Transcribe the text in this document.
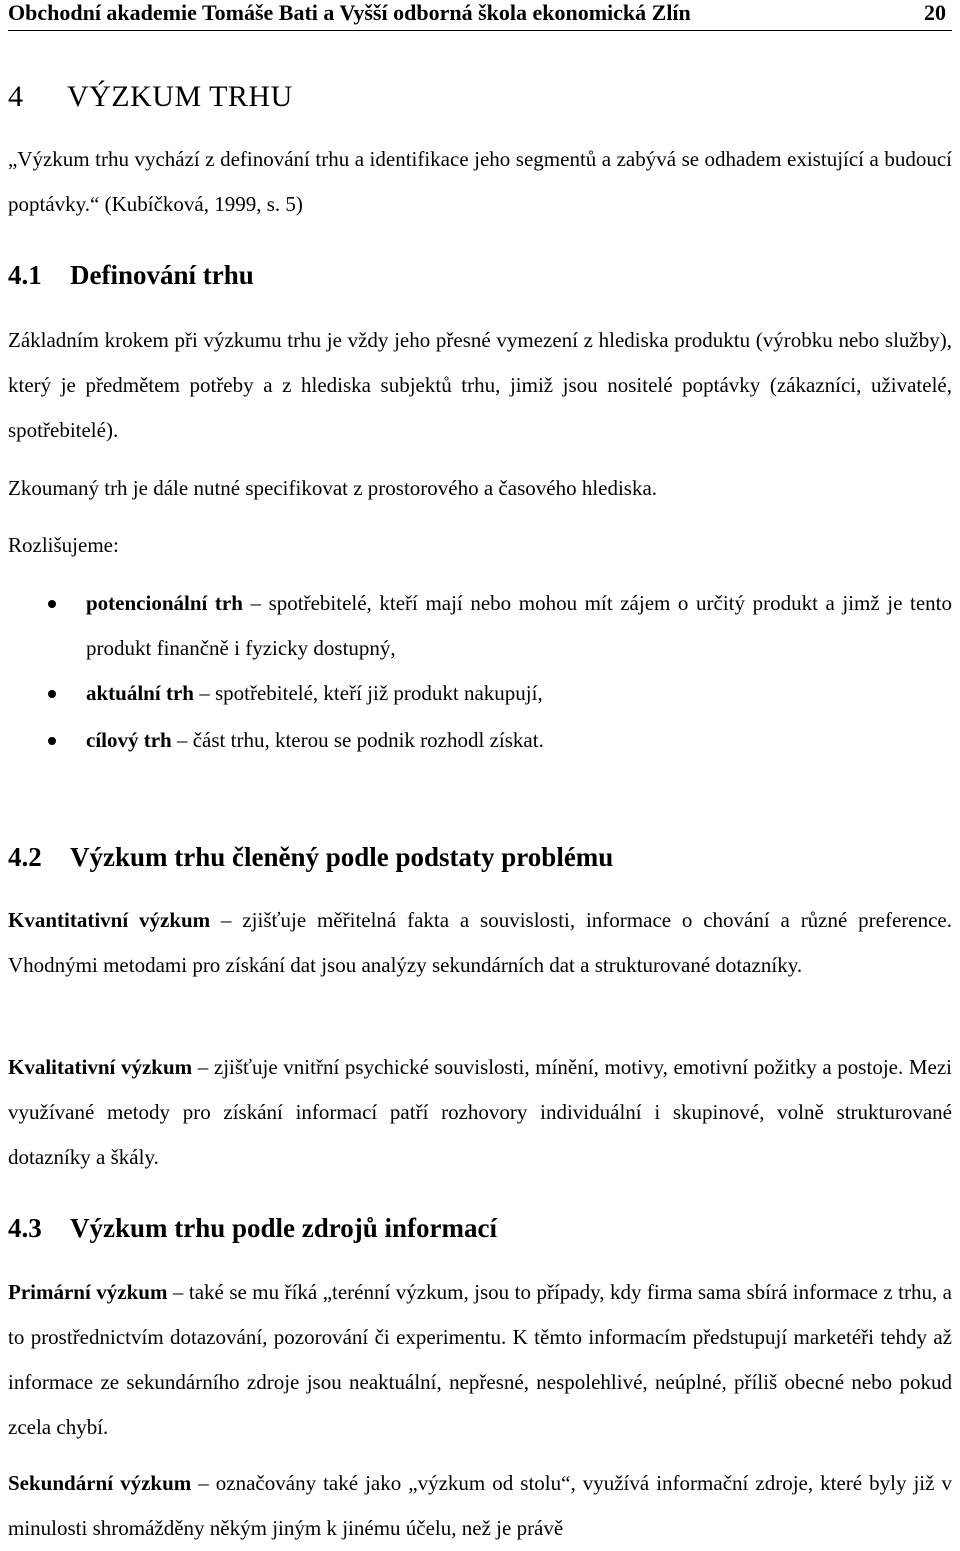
Obchodní akademie Tomáše Bati a Vyšší odborná škola ekonomická Zlín	20
4 VÝZKUM TRHU
„Výzkum trhu vychází z definování trhu a identifikace jeho segmentů a zabývá se odhadem existující a budoucí poptávky.“ (Kubíčková, 1999, s. 5)
4.1 Definování trhu
Základním krokem při výzkumu trhu je vždy jeho přesné vymezení z hlediska produktu (výrobku nebo služby), který je předmětem potřeby a z hlediska subjektů trhu, jimiž jsou nositelé poptávky (zákazníci, uživatelé, spotřebitelé).
Zkoumaný trh je dále nutné specifikovat z prostorového a časového hlediska.
Rozlišujeme:
potencionální trh – spotřebitelé, kteří mají nebo mohou mít zájem o určitý produkt a jimž je tento produkt finančně i fyzicky dostupný,
aktuální trh – spotřebitelé, kteří již produkt nakupují,
cílový trh – část trhu, kterou se podnik rozhodl získat.
4.2 Výzkum trhu členěný podle podstaty problému
Kvantitativní výzkum – zjišťuje měřitelná fakta a souvislosti, informace o chování a různé preference. Vhodnými metodami pro získání dat jsou analýzy sekundárních dat a strukturované dotazníky.
Kvalitativní výzkum – zjišťuje vnitřní psychické souvislosti, mínění, motivy, emotivní požitky a postoje. Mezi využívané metody pro získání informací patří rozhovory individuální i skupinové, volně strukturované dotazníky a škály.
4.3 Výzkum trhu podle zdrojů informací
Primární výzkum – také se mu říká „terénní výzkum, jsou to případy, kdy firma sama sbírá informace z trhu, a to prostřednictvím dotazování, pozorování či experimentu. K těmto informacím předstupují marketéři tehdy až informace ze sekundárního zdroje jsou neaktuální, nepřesné, nespolehlivé, neúplné, příliš obecné nebo pokud zcela chybí.
Sekundární výzkum – označovány také jako „výzkum od stolu“, využívá informační zdroje, které byly již v minulosti shromážděny někým jiným k jinému účelu, než je právě
